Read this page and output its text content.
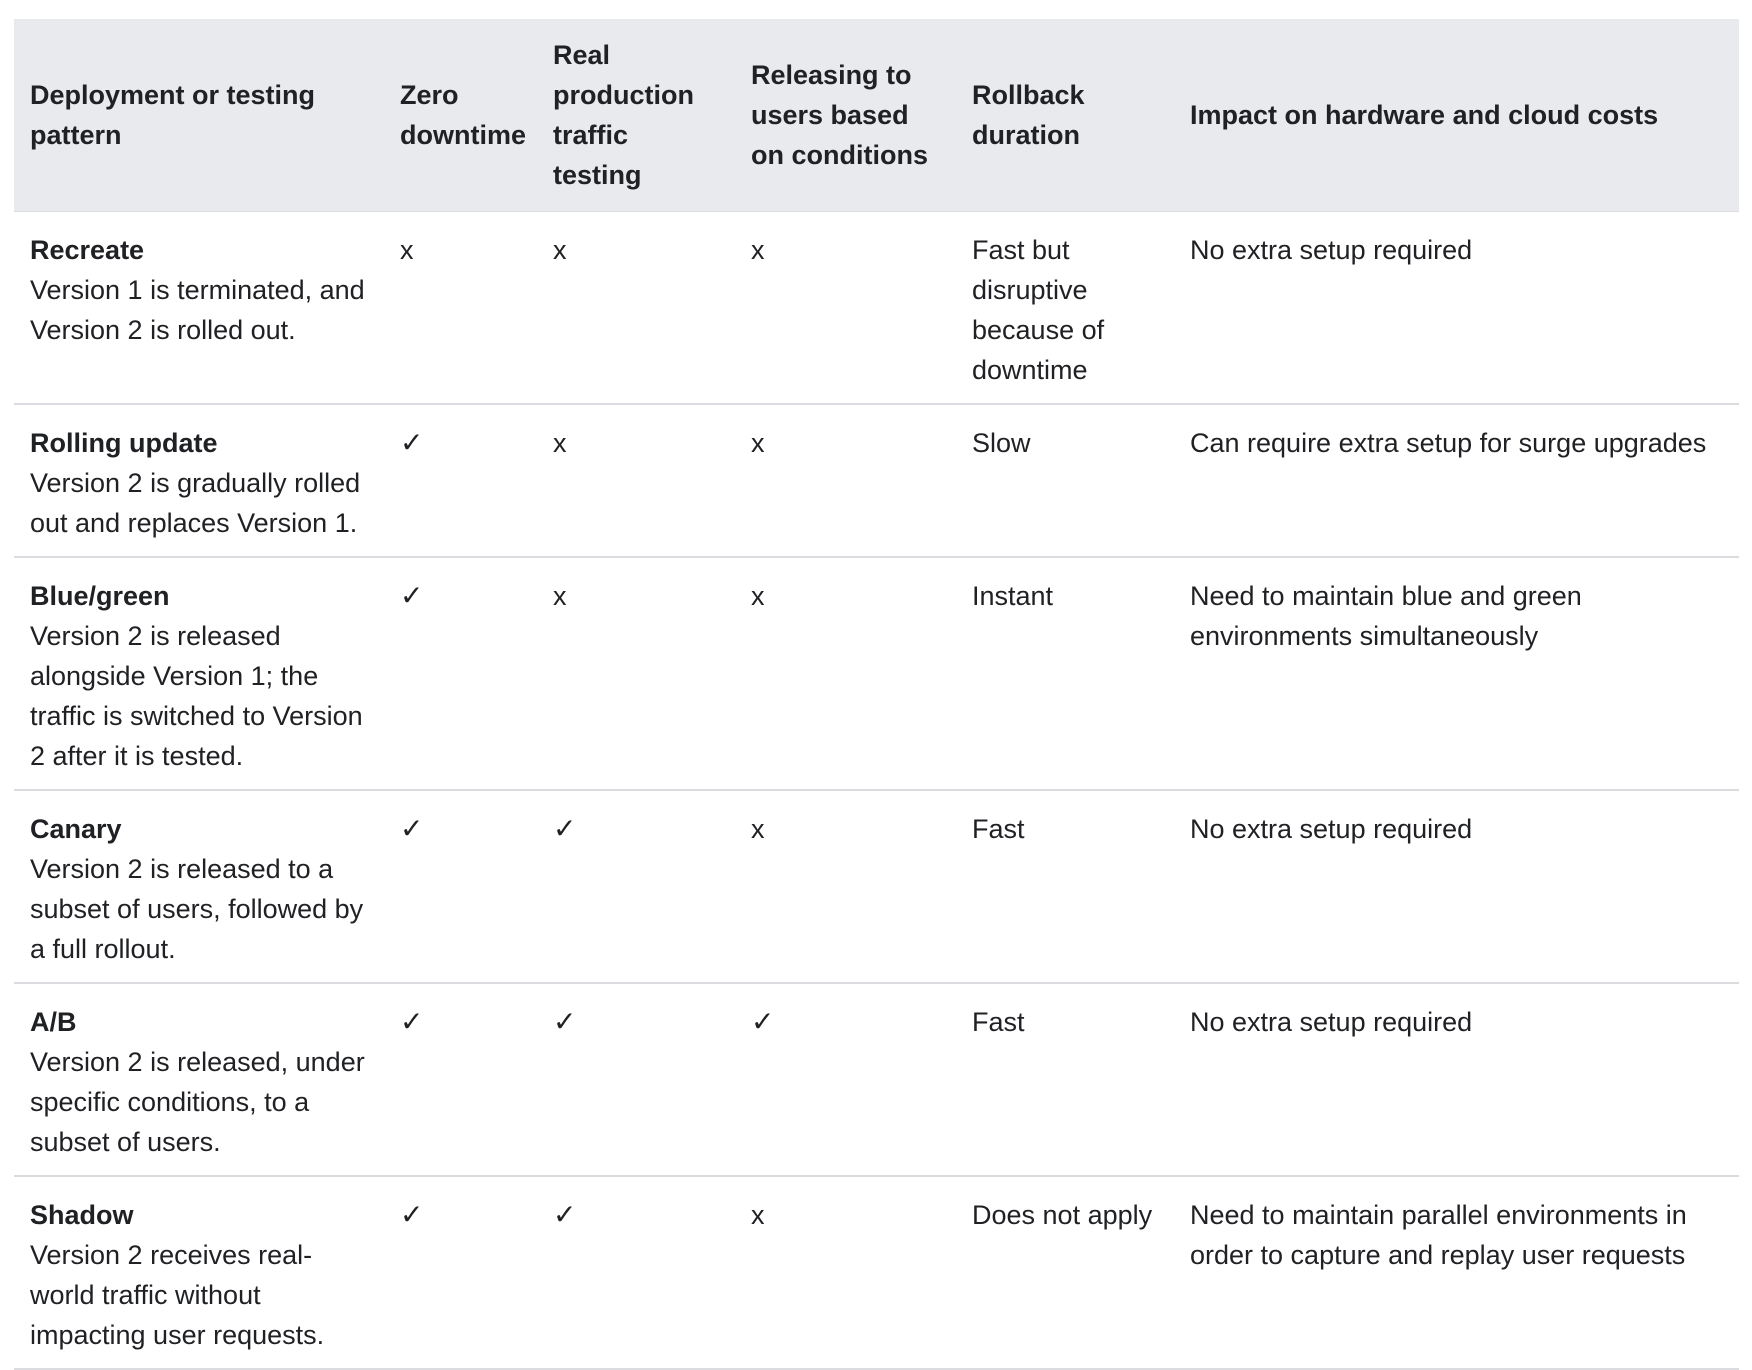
Deployment or testing pattern	Zero downtime	Real production traffic testing	Releasing to users based on conditions	Rollback duration	Impact on hardware and cloud costs

Recreate
Version 1 is terminated, and Version 2 is rolled out.	x	x	x	Fast but disruptive because of downtime	No extra setup required

Rolling update
Version 2 is gradually rolled out and replaces Version 1.	✓	x	x	Slow	Can require extra setup for surge upgrades

Blue/green
Version 2 is released alongside Version 1; the traffic is switched to Version 2 after it is tested.	✓	x	x	Instant	Need to maintain blue and green environments simultaneously

Canary
Version 2 is released to a subset of users, followed by a full rollout.	✓	✓	x	Fast	No extra setup required

A/B
Version 2 is released, under specific conditions, to a subset of users.	✓	✓	✓	Fast	No extra setup required

Shadow
Version 2 receives real-world traffic without impacting user requests.	✓	✓	x	Does not apply	Need to maintain parallel environments in order to capture and replay user requests
